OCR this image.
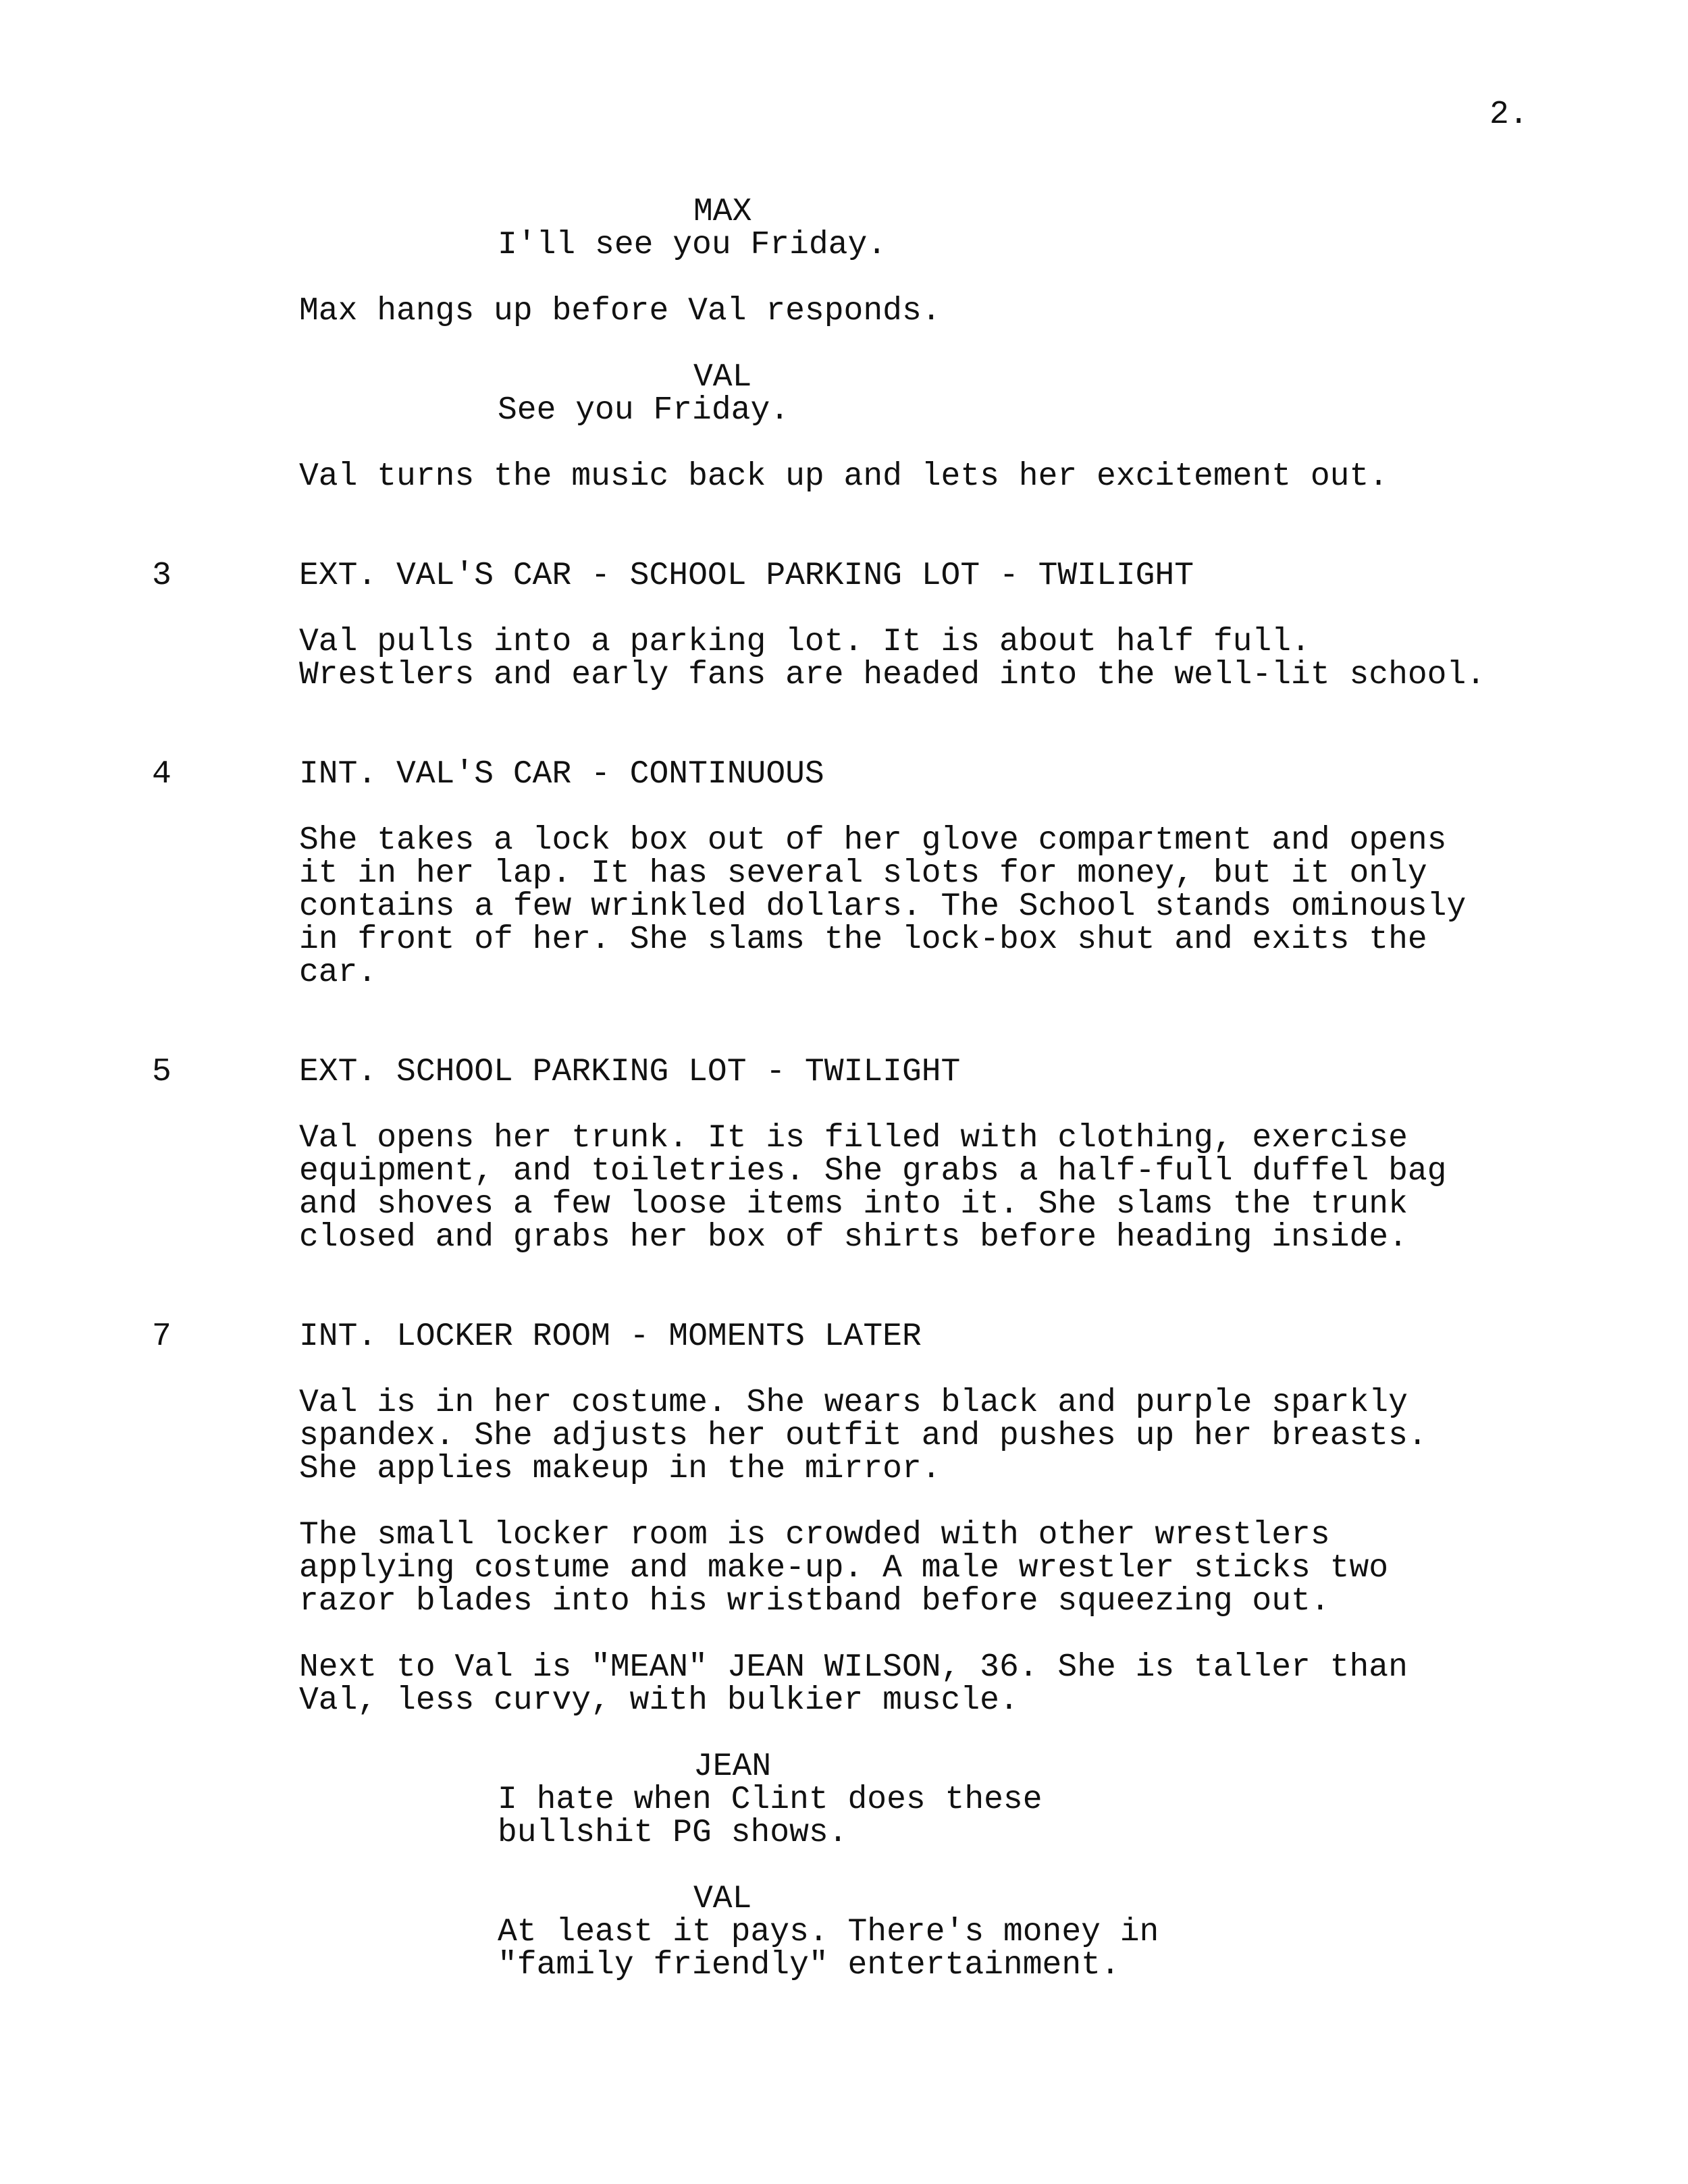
2.
MAX
I'll see you Friday.
Max hangs up before Val responds.
VAL
See you Friday.
Val turns the music back up and lets her excitement out.
3	EXT. VAL'S CAR - SCHOOL PARKING LOT - TWILIGHT
Val pulls into a parking lot. It is about half full.
Wrestlers and early fans are headed into the well-lit school.
4	INT. VAL'S CAR - CONTINUOUS
She takes a lock box out of her glove compartment and opens
it in her lap. It has several slots for money, but it only
contains a few wrinkled dollars. The School stands ominously
in front of her. She slams the lock-box shut and exits the
car.
5	EXT. SCHOOL PARKING LOT - TWILIGHT
Val opens her trunk. It is filled with clothing, exercise
equipment, and toiletries. She grabs a half-full duffel bag
and shoves a few loose items into it. She slams the trunk
closed and grabs her box of shirts before heading inside.
7	INT. LOCKER ROOM - MOMENTS LATER
Val is in her costume. She wears black and purple sparkly
spandex. She adjusts her outfit and pushes up her breasts.
She applies makeup in the mirror.
The small locker room is crowded with other wrestlers
applying costume and make-up. A male wrestler sticks two
razor blades into his wristband before squeezing out.
Next to Val is "MEAN" JEAN WILSON, 36. She is taller than
Val, less curvy, with bulkier muscle.
JEAN
I hate when Clint does these
bullshit PG shows.
VAL
At least it pays. There's money in
"family friendly" entertainment.
